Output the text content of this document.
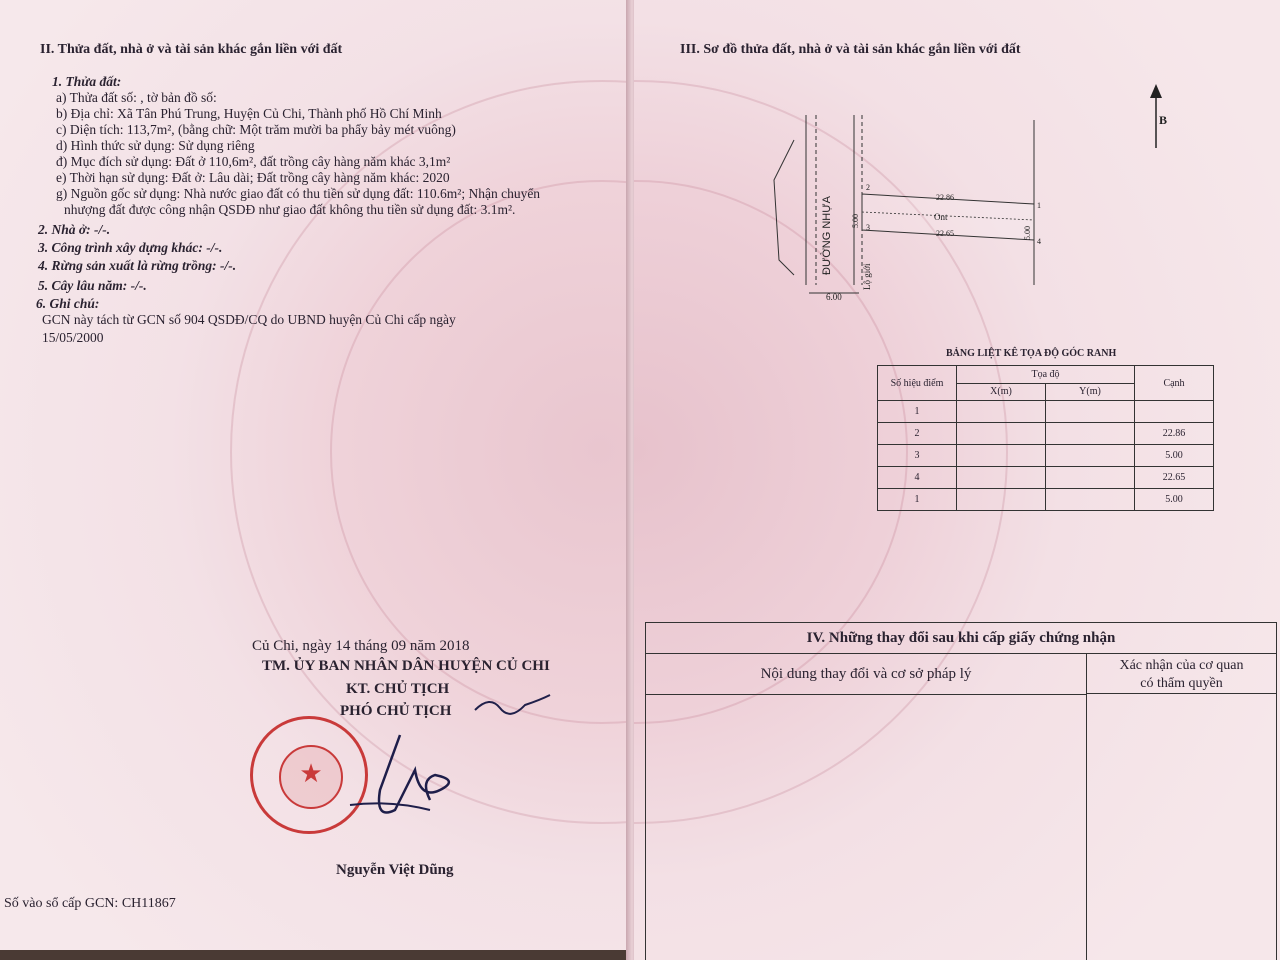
II. Thửa đất, nhà ở và tài sản khác gắn liền với đất
1. Thửa đất:
a) Thửa đất số: , tờ bản đồ số:
b) Địa chỉ: Xã Tân Phú Trung, Huyện Củ Chi, Thành phố Hồ Chí Minh
c) Diện tích: 113,7m², (bằng chữ: Một trăm mười ba phẩy bảy mét vuông)
d) Hình thức sử dụng: Sử dụng riêng
đ) Mục đích sử dụng: Đất ở 110,6m², đất trồng cây hàng năm khác 3,1m²
e) Thời hạn sử dụng: Đất ở: Lâu dài; Đất trồng cây hàng năm khác: 2020
g) Nguồn gốc sử dụng: Nhà nước giao đất có thu tiền sử dụng đất: 110.6m²; Nhận chuyển
nhượng đất được công nhận QSDĐ như giao đất không thu tiền sử dụng đất: 3.1m².
2. Nhà ở: -/-.
3. Công trình xây dựng khác: -/-.
4. Rừng sản xuất là rừng trồng: -/-.
5. Cây lâu năm: -/-.
6. Ghi chú:
GCN này tách từ GCN số 904 QSDĐ/CQ do UBND huyện Củ Chi cấp ngày
15/05/2000
Củ Chi, ngày 14 tháng 09 năm 2018
TM. ỦY BAN NHÂN DÂN HUYỆN CỦ CHI
KT. CHỦ TỊCH
PHÓ CHỦ TỊCH
★
Nguyễn Việt Dũng
Số vào sổ cấp GCN: CH11867
III. Sơ đồ thửa đất, nhà ở và tài sản khác gắn liền với đất
B
ĐƯỜNG NHỰA
Lộ giới
6.00
Ont
22.86
22.65
5.00
5.00
2
3
1
4
BẢNG LIỆT KÊ TỌA ĐỘ GÓC RANH
Số hiệu điểm	Tọa độ		Cạnh
	X(m)	Y(m)	
1			
2			22.86
3			5.00
4			22.65
1			5.00
IV. Những thay đổi sau khi cấp giấy chứng nhận
Nội dung thay đổi và cơ sở pháp lý
Xác nhận của cơ quan
có thẩm quyền
